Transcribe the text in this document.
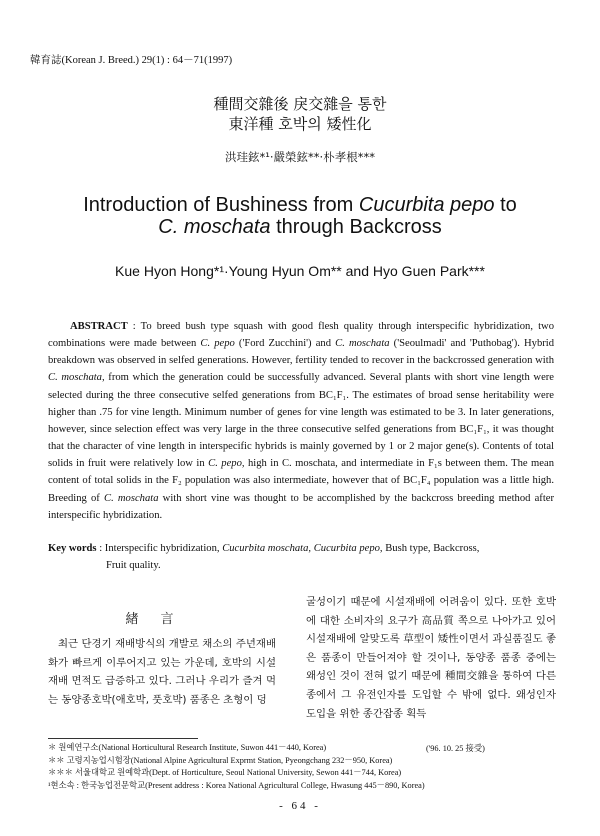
韓育誌(Korean J. Breed.) 29(1) : 64－71(1997)
種間交雜後 戾交雜을 통한
東洋種 호박의 矮性化
洪珪鉉*¹·嚴榮鉉**·朴孝根***
Introduction of Bushiness from Cucurbita pepo to
C. moschata through Backcross
Kue Hyon Hong*¹·Young Hyun Om** and Hyo Guen Park***
ABSTRACT : To breed bush type squash with good flesh quality through interspecific hybridization, two combinations were made between C. pepo ('Ford Zucchini') and C. moschata ('Seoulmadi' and 'Puthobag'). Hybrid breakdown was observed in selfed generations. However, fertility tended to recover in the backcrossed generation with C. moschata, from which the generation could be successfully advanced. Several plants with short vine length were selected during the three consecutive selfed generations from BC₁F₁. The estimates of broad sense heritability were higher than .75 for vine length. Minimum number of genes for vine length was estimated to be 3. In later generations, however, since selection effect was very large in the three consecutive selfed generations from BC₁F₁, it was thought that the character of vine length in interspecific hybrids is mainly governed by 1 or 2 major gene(s). Contents of total solids in fruit were relatively low in C. pepo, high in C. moschata, and intermediate in F₁s between them. The mean content of total solids in the F₂ population was also intermediate, however that of BC₁F₄ population was a little high. Breeding of C. moschata with short vine was thought to be accomplished by the backcross breeding method after interspecific hybridization.
Key words : Interspecific hybridization, Cucurbita moschata, Cucurbita pepo, Bush type, Backcross,
Fruit quality.
緖言
최근 단경기 재배방식의 개발로 채소의 주년재배화가 빠르게 이루어지고 있는 가운데, 호박의 시설재배 면적도 급증하고 있다. 그러나 우리가 즐겨 먹는 동양종호박(애호박, 풋호박) 품종은 초형이 덩
굴성이기 때문에 시설재배에 어려움이 있다. 또한 호박에 대한 소비자의 요구가 高品質 쪽으로 나아가고 있어 시설재배에 알맞도록 草型이 矮性이면서 과실품질도 좋은 품종이 만들어져야 할 것이나, 동양종 품종 중에는 왜성인 것이 전혀 없기 때문에 種間交雜을 통하여 다른 종에서 그 유전인자를 도입할 수 밖에 없다. 왜성인자 도입을 위한 종간잡종 획득
＊ 원예연구소(National Horticultural Research Institute, Suwon 441－440, Korea)
＊＊ 고령지농업시험장(National Alpine Agricultural Exprmt Station, Pyeongchang 232－950, Korea)
＊＊＊ 서울대학교 원예학과(Dept. of Horticulture, Seoul National University, Sewon 441－744, Korea)
¹현소속 : 한국농업전문학교(Present address : Korea National Agricultural College, Hwasung 445－890, Korea)
('96. 10. 25 接受)
- 64 -
